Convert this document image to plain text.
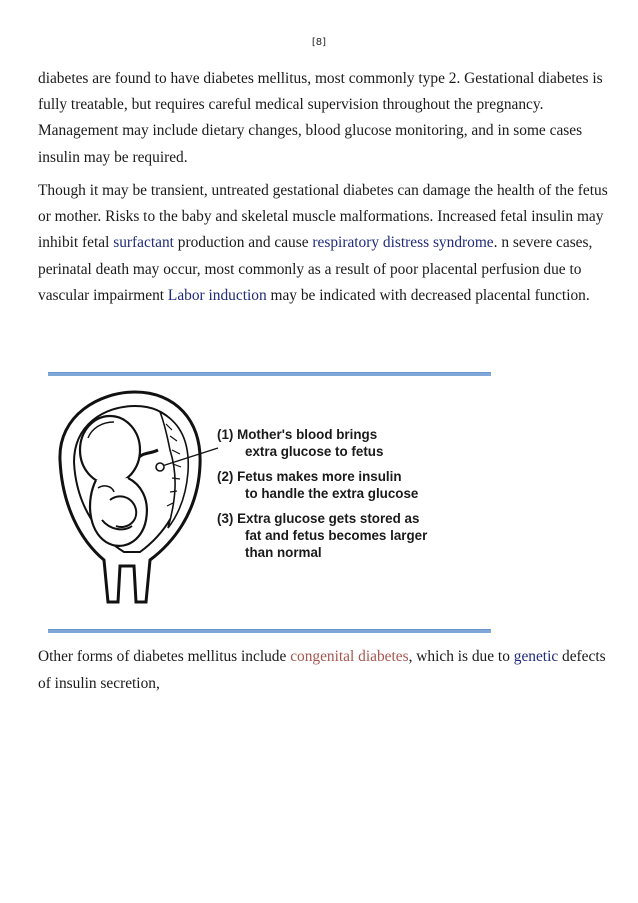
[8]

diabetes are found to have diabetes mellitus, most commonly type 2. Gestational diabetes is fully treatable, but requires careful medical supervision throughout the pregnancy. Management may include dietary changes, blood glucose monitoring, and in some cases insulin may be required.

Though it may be transient, untreated gestational diabetes can damage the health of the fetus or mother. Risks to the baby and skeletal muscle malformations. Increased fetal insulin may inhibit fetal surfactant production and cause respiratory distress syndrome. n severe cases, perinatal death may occur, most commonly as a result of poor placental perfusion due to vascular impairment Labor induction may be indicated with decreased placental function.

(1) Mother's blood brings
extra glucose to fetus
(2) Fetus makes more insulin
to handle the extra glucose
(3) Extra glucose gets stored as
fat and fetus becomes larger
than normal

Other forms of diabetes mellitus include congenital diabetes, which is due to genetic defects of insulin secretion,
